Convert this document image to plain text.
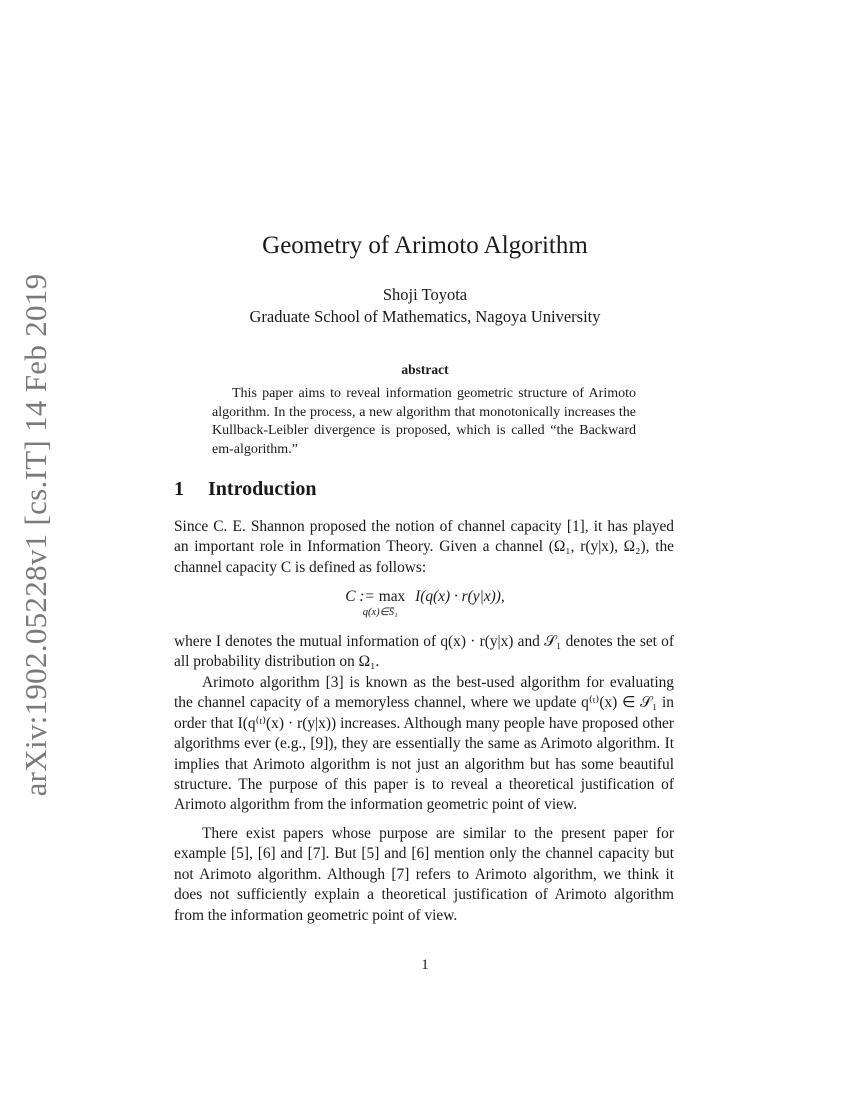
arXiv:1902.05228v1 [cs.IT] 14 Feb 2019
Geometry of Arimoto Algorithm
Shoji Toyota
Graduate School of Mathematics, Nagoya University
abstract

This paper aims to reveal information geometric structure of Arimoto algorithm. In the process, a new algorithm that monotonically increases the Kullback-Leibler divergence is proposed, which is called “the Backward em-algorithm.”

1 Introduction

Since C. E. Shannon proposed the notion of channel capacity [1], it has played an important role in Information Theory. Given a channel (Ω₁, r(y|x), Ω₂), the channel capacity C is defined as follows:

C := max
q(x)∈S̄₁
I(q(x) · r(y|x)),

where I denotes the mutual information of q(x) · r(y|x) and 𝒮₁ denotes the set of all probability distribution on Ω₁.

Arimoto algorithm [3] is known as the best-used algorithm for evaluating the channel capacity of a memoryless channel, where we update q⁽ᵗ⁾(x) ∈ 𝒮₁ in order that I(q⁽ᵗ⁾(x) · r(y|x)) increases. Although many people have proposed other algorithms ever (e.g., [9]), they are essentially the same as Arimoto algorithm. It implies that Arimoto algorithm is not just an algorithm but has some beautiful structure. The purpose of this paper is to reveal a theoretical justification of Arimoto algorithm from the information geometric point of view.

There exist papers whose purpose are similar to the present paper for example [5], [6] and [7]. But [5] and [6] mention only the channel capacity but not Arimoto algorithm. Although [7] refers to Arimoto algorithm, we think it does not sufficiently explain a theoretical justification of Arimoto algorithm from the information geometric point of view.

1
